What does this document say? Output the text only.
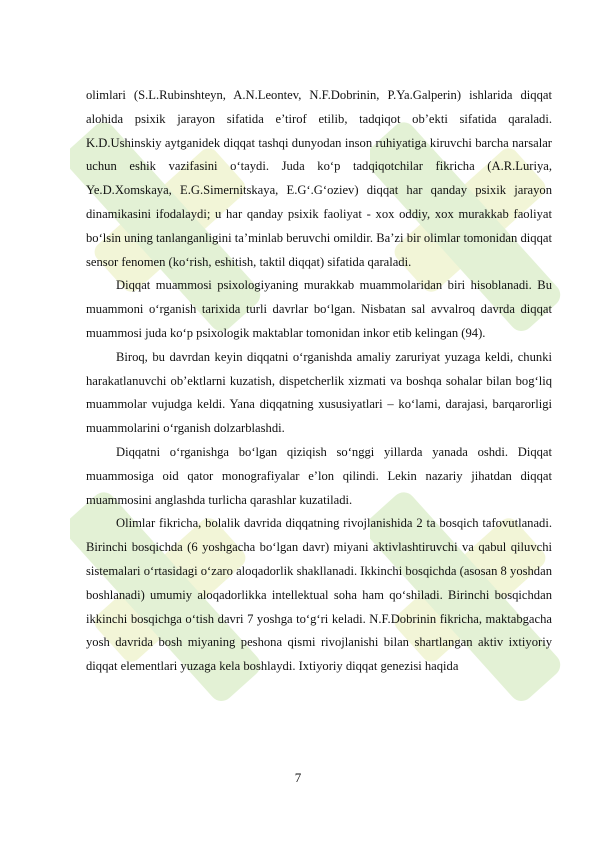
olimlari (S.L.Rubinshteyn, A.N.Leontev, N.F.Dobrinin, P.Ya.Galperin) ishlarida diqqat alohida psixik jarayon sifatida e’tirof etilib, tadqiqot ob’ekti sifatida qaraladi. K.D.Ushinskiy aytganidek diqqat tashqi dunyodan inson ruhiyatiga kiruvchi barcha narsalar uchun eshik vazifasini o‘taydi. Juda ko‘p tadqiqotchilar fikricha (A.R.Luriya, Ye.D.Xomskaya, E.G.Simernitskaya, E.G‘.G‘oziev) diqqat har qanday psixik jarayon dinamikasini ifodalaydi; u har qanday psixik faoliyat - xox oddiy, xox murakkab faoliyat bo‘lsin uning tanlanganligini ta’minlab beruvchi omildir. Ba’zi bir olimlar tomonidan diqqat sensor fenomen (ko‘rish, eshitish, taktil diqqat) sifatida qaraladi.

Diqqat muammosi psixologiyaning murakkab muammolaridan biri hisoblanadi. Bu muammoni o‘rganish tarixida turli davrlar bo‘lgan. Nisbatan sal avvalroq davrda diqqat muammosi juda ko‘p psixologik maktablar tomonidan inkor etib kelingan (94).

Biroq, bu davrdan keyin diqqatni o‘rganishda amaliy zaruriyat yuzaga keldi, chunki harakatlanuvchi ob’ektlarni kuzatish, dispetcherlik xizmati va boshqa sohalar bilan bog‘liq muammolar vujudga keldi. Yana diqqatning xususiyatlari – ko‘lami, darajasi, barqarorligi muammolarini o‘rganish dolzarblashdi.

Diqqatni o‘rganishga bo‘lgan qiziqish so‘nggi yillarda yanada oshdi. Diqqat muammosiga oid qator monografiyalar e’lon qilindi. Lekin nazariy jihatdan diqqat muammosini anglashda turlicha qarashlar kuzatiladi.

Olimlar fikricha, bolalik davrida diqqatning rivojlanishida 2 ta bosqich tafovutlanadi. Birinchi bosqichda (6 yoshgacha bo‘lgan davr) miyani aktivlashtiruvchi va qabul qiluvchi sistemalari o‘rtasidagi o‘zaro aloqadorlik shakllanadi. Ikkinchi bosqichda (asosan 8 yoshdan boshlanadi) umumiy aloqadorlikka intellektual soha ham qo‘shiladi. Birinchi bosqichdan ikkinchi bosqichga o‘tish davri 7 yoshga to‘g‘ri keladi. N.F.Dobrinin fikricha, maktabgacha yosh davrida bosh miyaning peshona qismi rivojlanishi bilan shartlangan aktiv ixtiyoriy diqqat elementlari yuzaga kela boshlaydi. Ixtiyoriy diqqat genezisi haqida

7
